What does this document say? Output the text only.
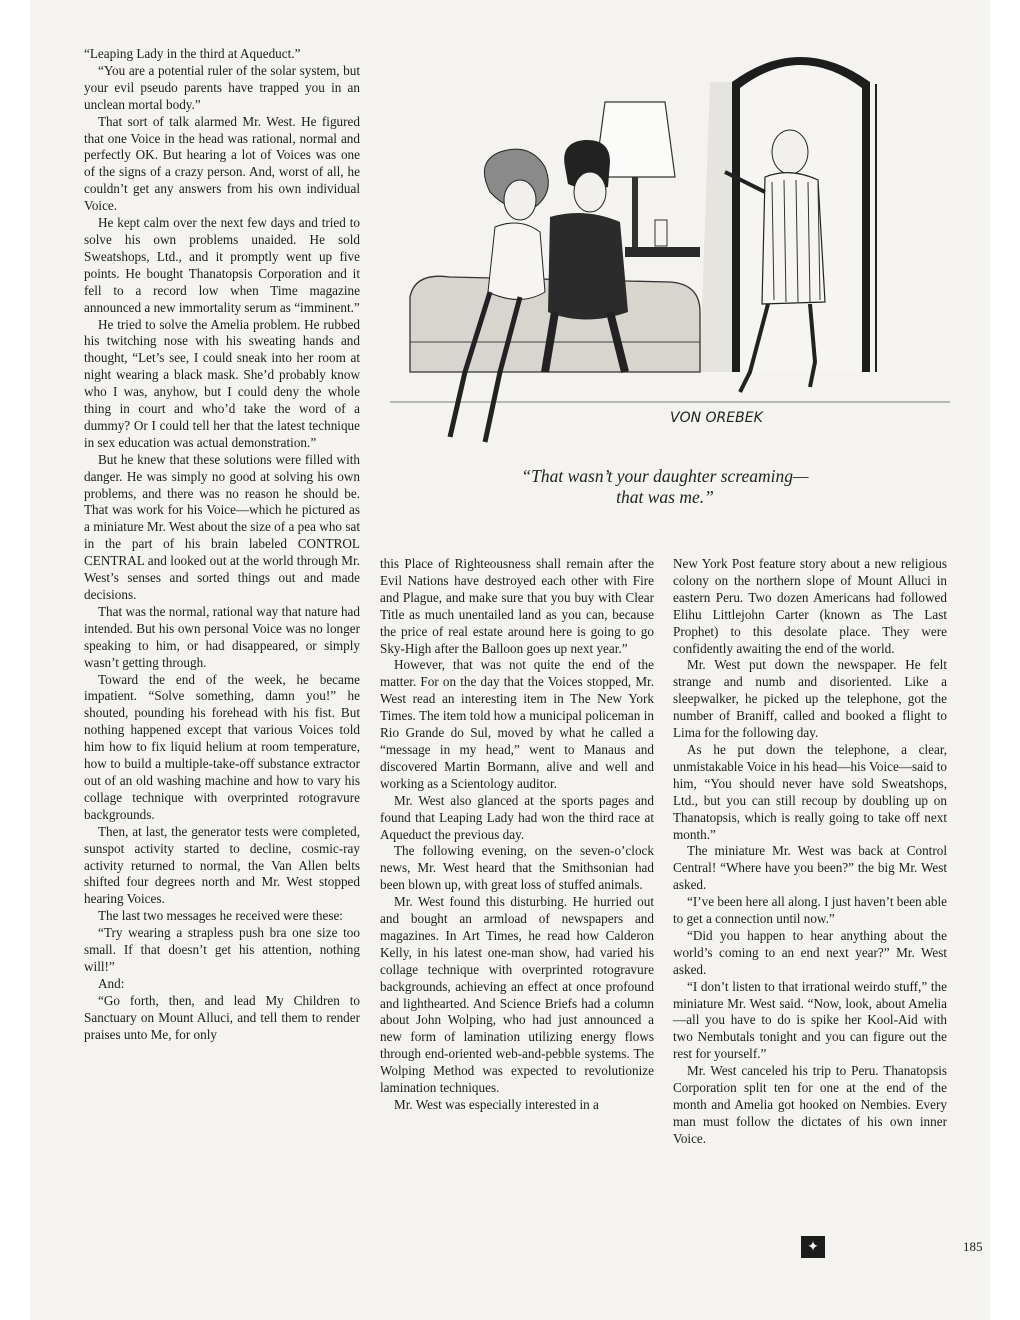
“Leaping Lady in the third at Aqueduct.”

“You are a potential ruler of the solar system, but your evil pseudo parents have trapped you in an unclean mortal body.”

That sort of talk alarmed Mr. West. He figured that one Voice in the head was rational, normal and perfectly OK. But hearing a lot of Voices was one of the signs of a crazy person. And, worst of all, he couldn’t get any answers from his own individual Voice.

He kept calm over the next few days and tried to solve his own problems unaided. He sold Sweatshops, Ltd., and it promptly went up five points. He bought Thanatopsis Corporation and it fell to a record low when Time magazine announced a new immortality serum as “imminent.”

He tried to solve the Amelia problem. He rubbed his twitching nose with his sweating hands and thought, “Let’s see, I could sneak into her room at night wearing a black mask. She’d probably know who I was, anyhow, but I could deny the whole thing in court and who’d take the word of a dummy? Or I could tell her that the latest technique in sex education was actual demonstration.”

But he knew that these solutions were filled with danger. He was simply no good at solving his own problems, and there was no reason he should be. That was work for his Voice—which he pictured as a miniature Mr. West about the size of a pea who sat in the part of his brain labeled CONTROL CENTRAL and looked out at the world through Mr. West’s senses and sorted things out and made decisions.

That was the normal, rational way that nature had intended. But his own personal Voice was no longer speaking to him, or had disappeared, or simply wasn’t getting through.

Toward the end of the week, he became impatient. “Solve something, damn you!” he shouted, pounding his forehead with his fist. But nothing happened except that various Voices told him how to fix liquid helium at room temperature, how to build a multiple-take-off substance extractor out of an old washing machine and how to vary his collage technique with overprinted rotogravure backgrounds.

Then, at last, the generator tests were completed, sunspot activity started to decline, cosmic-ray activity returned to normal, the Van Allen belts shifted four degrees north and Mr. West stopped hearing Voices.

The last two messages he received were these:

“Try wearing a strapless push bra one size too small. If that doesn’t get his attention, nothing will!”

And:

“Go forth, then, and lead My Children to Sanctuary on Mount Alluci, and tell them to render praises unto Me, for only

VON OREBEK
“That wasn’t your daughter screaming—
that was me.”

this Place of Righteousness shall remain after the Evil Nations have destroyed each other with Fire and Plague, and make sure that you buy with Clear Title as much unentailed land as you can, because the price of real estate around here is going to go Sky-High after the Balloon goes up next year.”

However, that was not quite the end of the matter. For on the day that the Voices stopped, Mr. West read an interesting item in The New York Times. The item told how a municipal policeman in Rio Grande do Sul, moved by what he called a “message in my head,” went to Manaus and discovered Martin Bormann, alive and well and working as a Scientology auditor.

Mr. West also glanced at the sports pages and found that Leaping Lady had won the third race at Aqueduct the previous day.

The following evening, on the seven-o’clock news, Mr. West heard that the Smithsonian had been blown up, with great loss of stuffed animals.

Mr. West found this disturbing. He hurried out and bought an armload of newspapers and magazines. In Art Times, he read how Calderon Kelly, in his latest one-man show, had varied his collage technique with overprinted rotogravure backgrounds, achieving an effect at once profound and lighthearted. And Science Briefs had a column about John Wolping, who had just announced a new form of lamination utilizing energy flows through end-oriented web-and-pebble systems. The Wolping Method was expected to revolutionize lamination techniques.

Mr. West was especially interested in a

New York Post feature story about a new religious colony on the northern slope of Mount Alluci in eastern Peru. Two dozen Americans had followed Elihu Littlejohn Carter (known as The Last Prophet) to this desolate place. They were confidently awaiting the end of the world.

Mr. West put down the newspaper. He felt strange and numb and disoriented. Like a sleepwalker, he picked up the telephone, got the number of Braniff, called and booked a flight to Lima for the following day.

As he put down the telephone, a clear, unmistakable Voice in his head—his Voice—said to him, “You should never have sold Sweatshops, Ltd., but you can still recoup by doubling up on Thanatopsis, which is really going to take off next month.”

The miniature Mr. West was back at Control Central! “Where have you been?” the big Mr. West asked.

“I’ve been here all along. I just haven’t been able to get a connection until now.”

“Did you happen to hear anything about the world’s coming to an end next year?” Mr. West asked.

“I don’t listen to that irrational weirdo stuff,” the miniature Mr. West said. “Now, look, about Amelia—all you have to do is spike her Kool-Aid with two Nembutals tonight and you can figure out the rest for yourself.”

Mr. West canceled his trip to Peru. Thanatopsis Corporation split ten for one at the end of the month and Amelia got hooked on Nembies. Every man must follow the dictates of his own inner Voice.

✦	185
